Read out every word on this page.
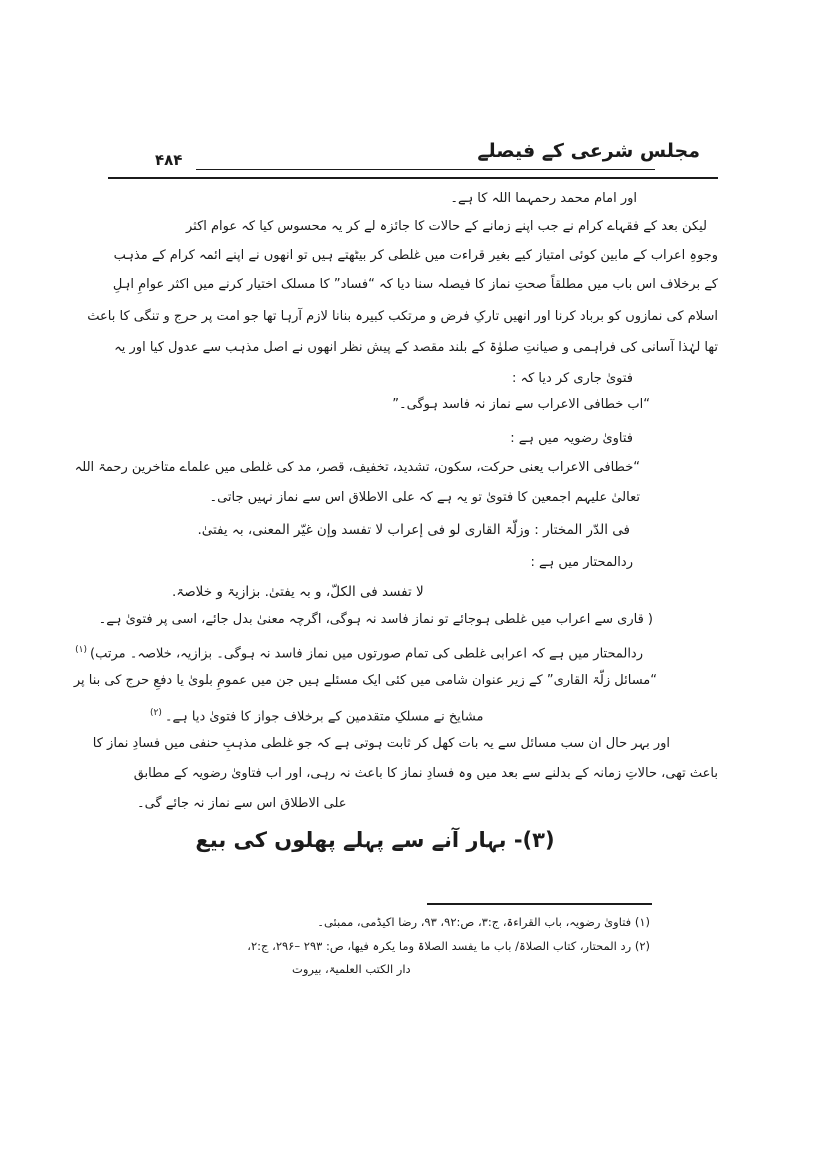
مجلس شرعی کے فیصلے
۴۸۴
اور امام محمد رحمہما اللہ کا ہے۔
لیکن بعد کے فقہاے کرام نے جب اپنے زمانے کے حالات کا جائزہ لے کر یہ محسوس کیا کہ عوام اکثر
وجوہِ اعراب کے مابین کوئی امتیاز کیے بغیر قراءت میں غلطی کر بیٹھتے ہیں تو انھوں نے اپنے ائمہ کرام کے مذہب
کے برخلاف اس باب میں مطلقاً صحتِ نماز کا فیصلہ سنا دیا کہ “فساد” کا مسلک اختیار کرنے میں اکثر عوامِ اہلِ
اسلام کی نمازوں کو برباد کرنا اور انھیں تارکِ فرض و مرتکب کبیرہ بنانا لازم آرہا تھا جو امت پر حرج و تنگی کا باعث
تھا لہٰذا آسانی کی فراہمی و صیانتِ صلوٰۃ کے بلند مقصد کے پیش نظر انھوں نے اصل مذہب سے عدول کیا اور یہ
فتویٰ جاری کر دیا کہ :
“اب خطافی الاعراب سے نماز نہ فاسد ہوگی۔”
فتاویٰ رضویہ میں ہے :
“خطافی الاعراب یعنی حرکت، سکون، تشدید، تخفیف، قصر، مد کی غلطی میں علماے متاخرین رحمۃ اللہ
تعالیٰ علیہم اجمعین کا فتویٰ تو یہ ہے کہ علی الاطلاق اس سے نماز نہیں جاتی۔
فی الدّر المختار : وزلّۃ القاری لو فی إعراب لا تفسد وإن غیّر المعنی، بہ یفتیٰ.
ردالمحتار میں ہے :
لا تفسد فی الکلّ، و بہ یفتیٰ. بزازیۃ و خلاصۃ.
( قاری سے اعراب میں غلطی ہوجائے تو نماز فاسد نہ ہوگی، اگرچہ معنیٰ بدل جائے، اسی پر فتویٰ ہے۔
ردالمحتار میں ہے کہ اعرابی غلطی کی تمام صورتوں میں نماز فاسد نہ ہوگی۔ بزازیہ، خلاصہ۔ مرتب)$^{(۱)}$
“مسائل زلّۃ القاری” کے زیر عنوان شامی میں کئی ایک مسئلے ہیں جن میں عمومِ بلویٰ یا دفعِ حرج کی بنا پر
مشایخ نے مسلکِ متقدمین کے برخلاف جواز کا فتویٰ دیا ہے۔$^{(۲)}$
اور بہر حال ان سب مسائل سے یہ بات کھل کر ثابت ہوتی ہے کہ جو غلطی مذہبِ حنفی میں فسادِ نماز کا
باعث تھی، حالاتِ زمانہ کے بدلنے سے بعد میں وہ فسادِ نماز کا باعث نہ رہی، اور اب فتاویٰ رضویہ کے مطابق
علی الاطلاق اس سے نماز نہ جائے گی۔
(۳)- بہار آنے سے پہلے پھلوں کی بیع
(۱) فتاویٰ رضویہ، باب القراءۃ، ج:۳، ص:۹۲، ۹۳، رضا اکیڈمی، ممبئی۔
(۲) رد المحتار، کتاب الصلاۃ/ باب ما یفسد الصلاۃ وما یکرہ فیھا، ص: ۲۹۳ –۲۹۶، ج:۲،
دار الکتب العلمیۃ، بیروت
